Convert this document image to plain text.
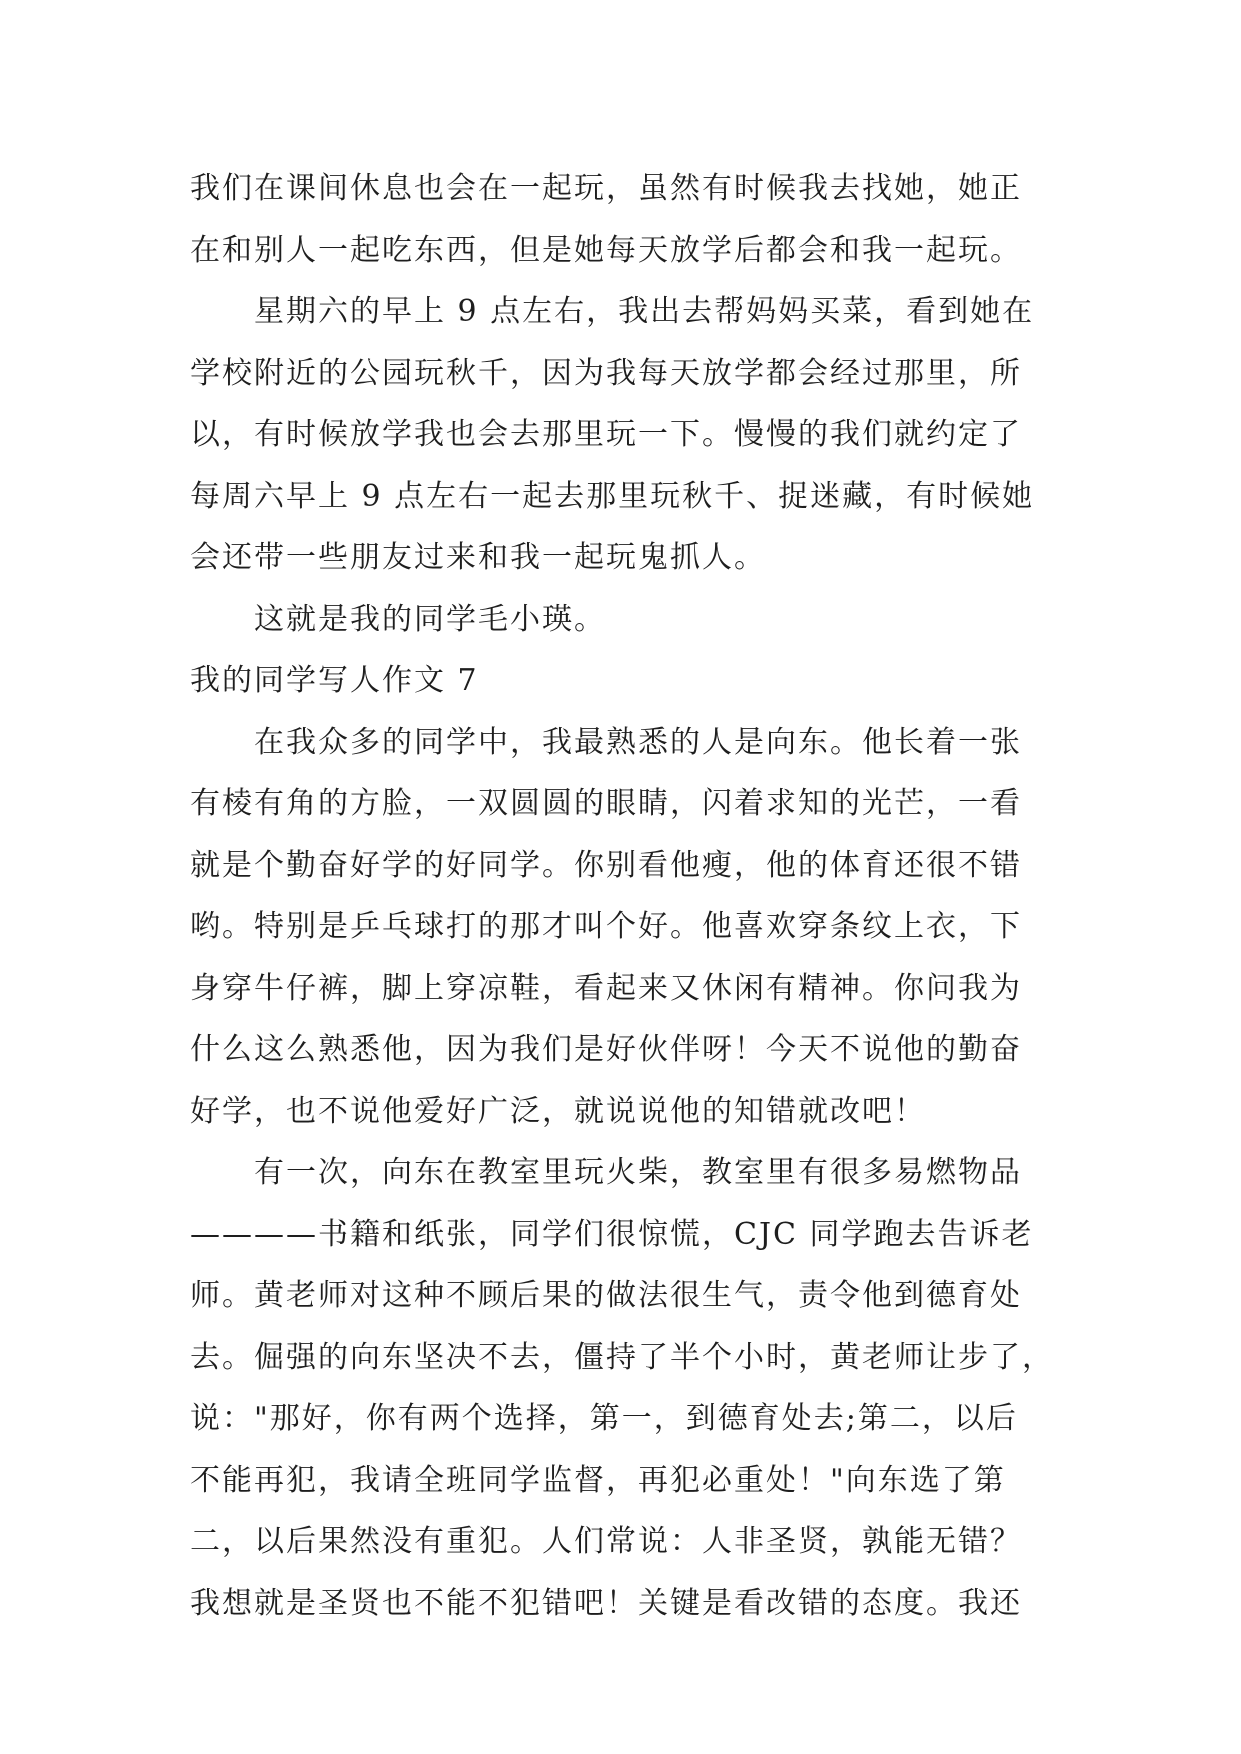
我们在课间休息也会在一起玩，虽然有时候我去找她，她正
在和别人一起吃东西，但是她每天放学后都会和我一起玩。
星期六的早上 9 点左右，我出去帮妈妈买菜，看到她在
学校附近的公园玩秋千，因为我每天放学都会经过那里，所
以，有时候放学我也会去那里玩一下。慢慢的我们就约定了
每周六早上 9 点左右一起去那里玩秋千、捉迷藏，有时候她
会还带一些朋友过来和我一起玩鬼抓人。
这就是我的同学毛小瑛。
我的同学写人作文 7
在我众多的同学中，我最熟悉的人是向东。他长着一张
有棱有角的方脸，一双圆圆的眼睛，闪着求知的光芒，一看
就是个勤奋好学的好同学。你别看他瘦，他的体育还很不错
哟。特别是乒乓球打的那才叫个好。他喜欢穿条纹上衣，下
身穿牛仔裤，脚上穿凉鞋，看起来又休闲有精神。你问我为
什么这么熟悉他，因为我们是好伙伴呀！今天不说他的勤奋
好学，也不说他爱好广泛，就说说他的知错就改吧！
有一次，向东在教室里玩火柴，教室里有很多易燃物品
————书籍和纸张，同学们很惊慌，CJC 同学跑去告诉老
师。黄老师对这种不顾后果的做法很生气，责令他到德育处
去。倔强的向东坚决不去，僵持了半个小时，黄老师让步了，
说："那好，你有两个选择，第一，到德育处去;第二，以后
不能再犯，我请全班同学监督，再犯必重处！"向东选了第
二，以后果然没有重犯。人们常说：人非圣贤，孰能无错？
我想就是圣贤也不能不犯错吧！关键是看改错的态度。我还
